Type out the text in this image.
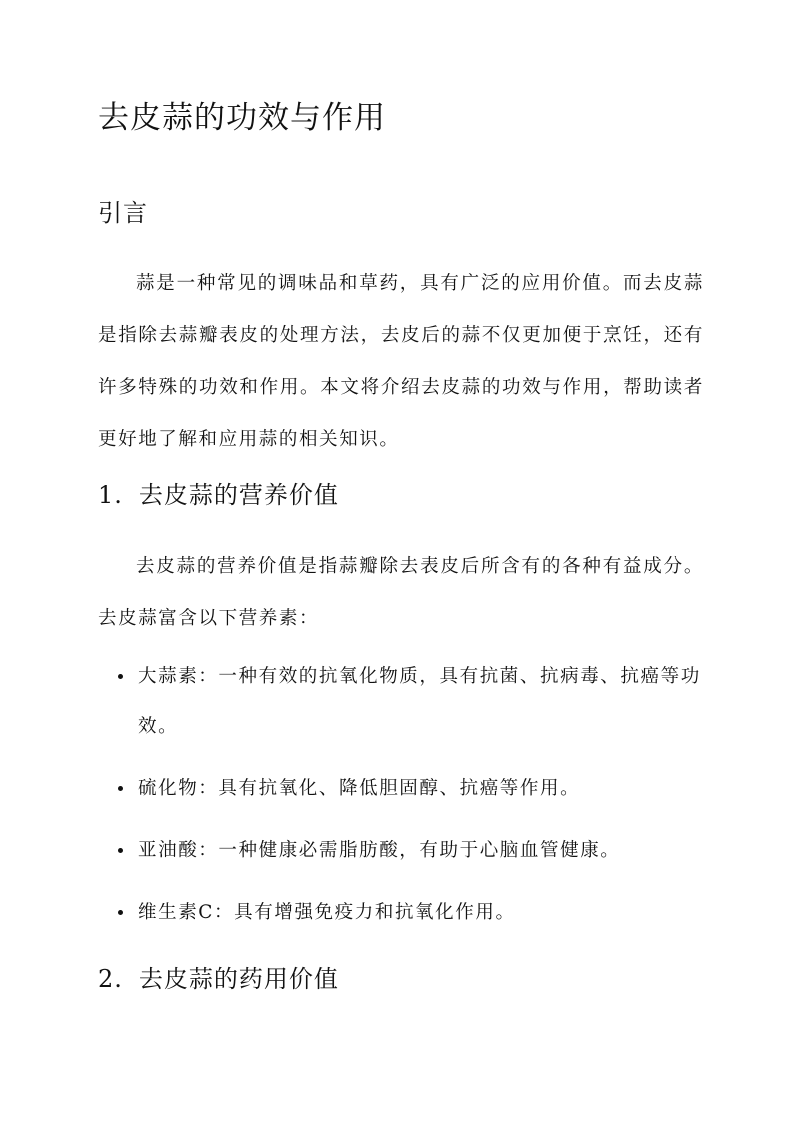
去皮蒜的功效与作用
引言

蒜是一种常见的调味品和草药，具有广泛的应用价值。而去皮蒜是指除去蒜瓣表皮的处理方法，去皮后的蒜不仅更加便于烹饪，还有许多特殊的功效和作用。本文将介绍去皮蒜的功效与作用，帮助读者更好地了解和应用蒜的相关知识。

1. 去皮蒜的营养价值

去皮蒜的营养价值是指蒜瓣除去表皮后所含有的各种有益成分。去皮蒜富含以下营养素：

大蒜素：一种有效的抗氧化物质，具有抗菌、抗病毒、抗癌等功效。
硫化物：具有抗氧化、降低胆固醇、抗癌等作用。
亚油酸：一种健康必需脂肪酸，有助于心脑血管健康。
维生素C：具有增强免疫力和抗氧化作用。
2. 去皮蒜的药用价值
